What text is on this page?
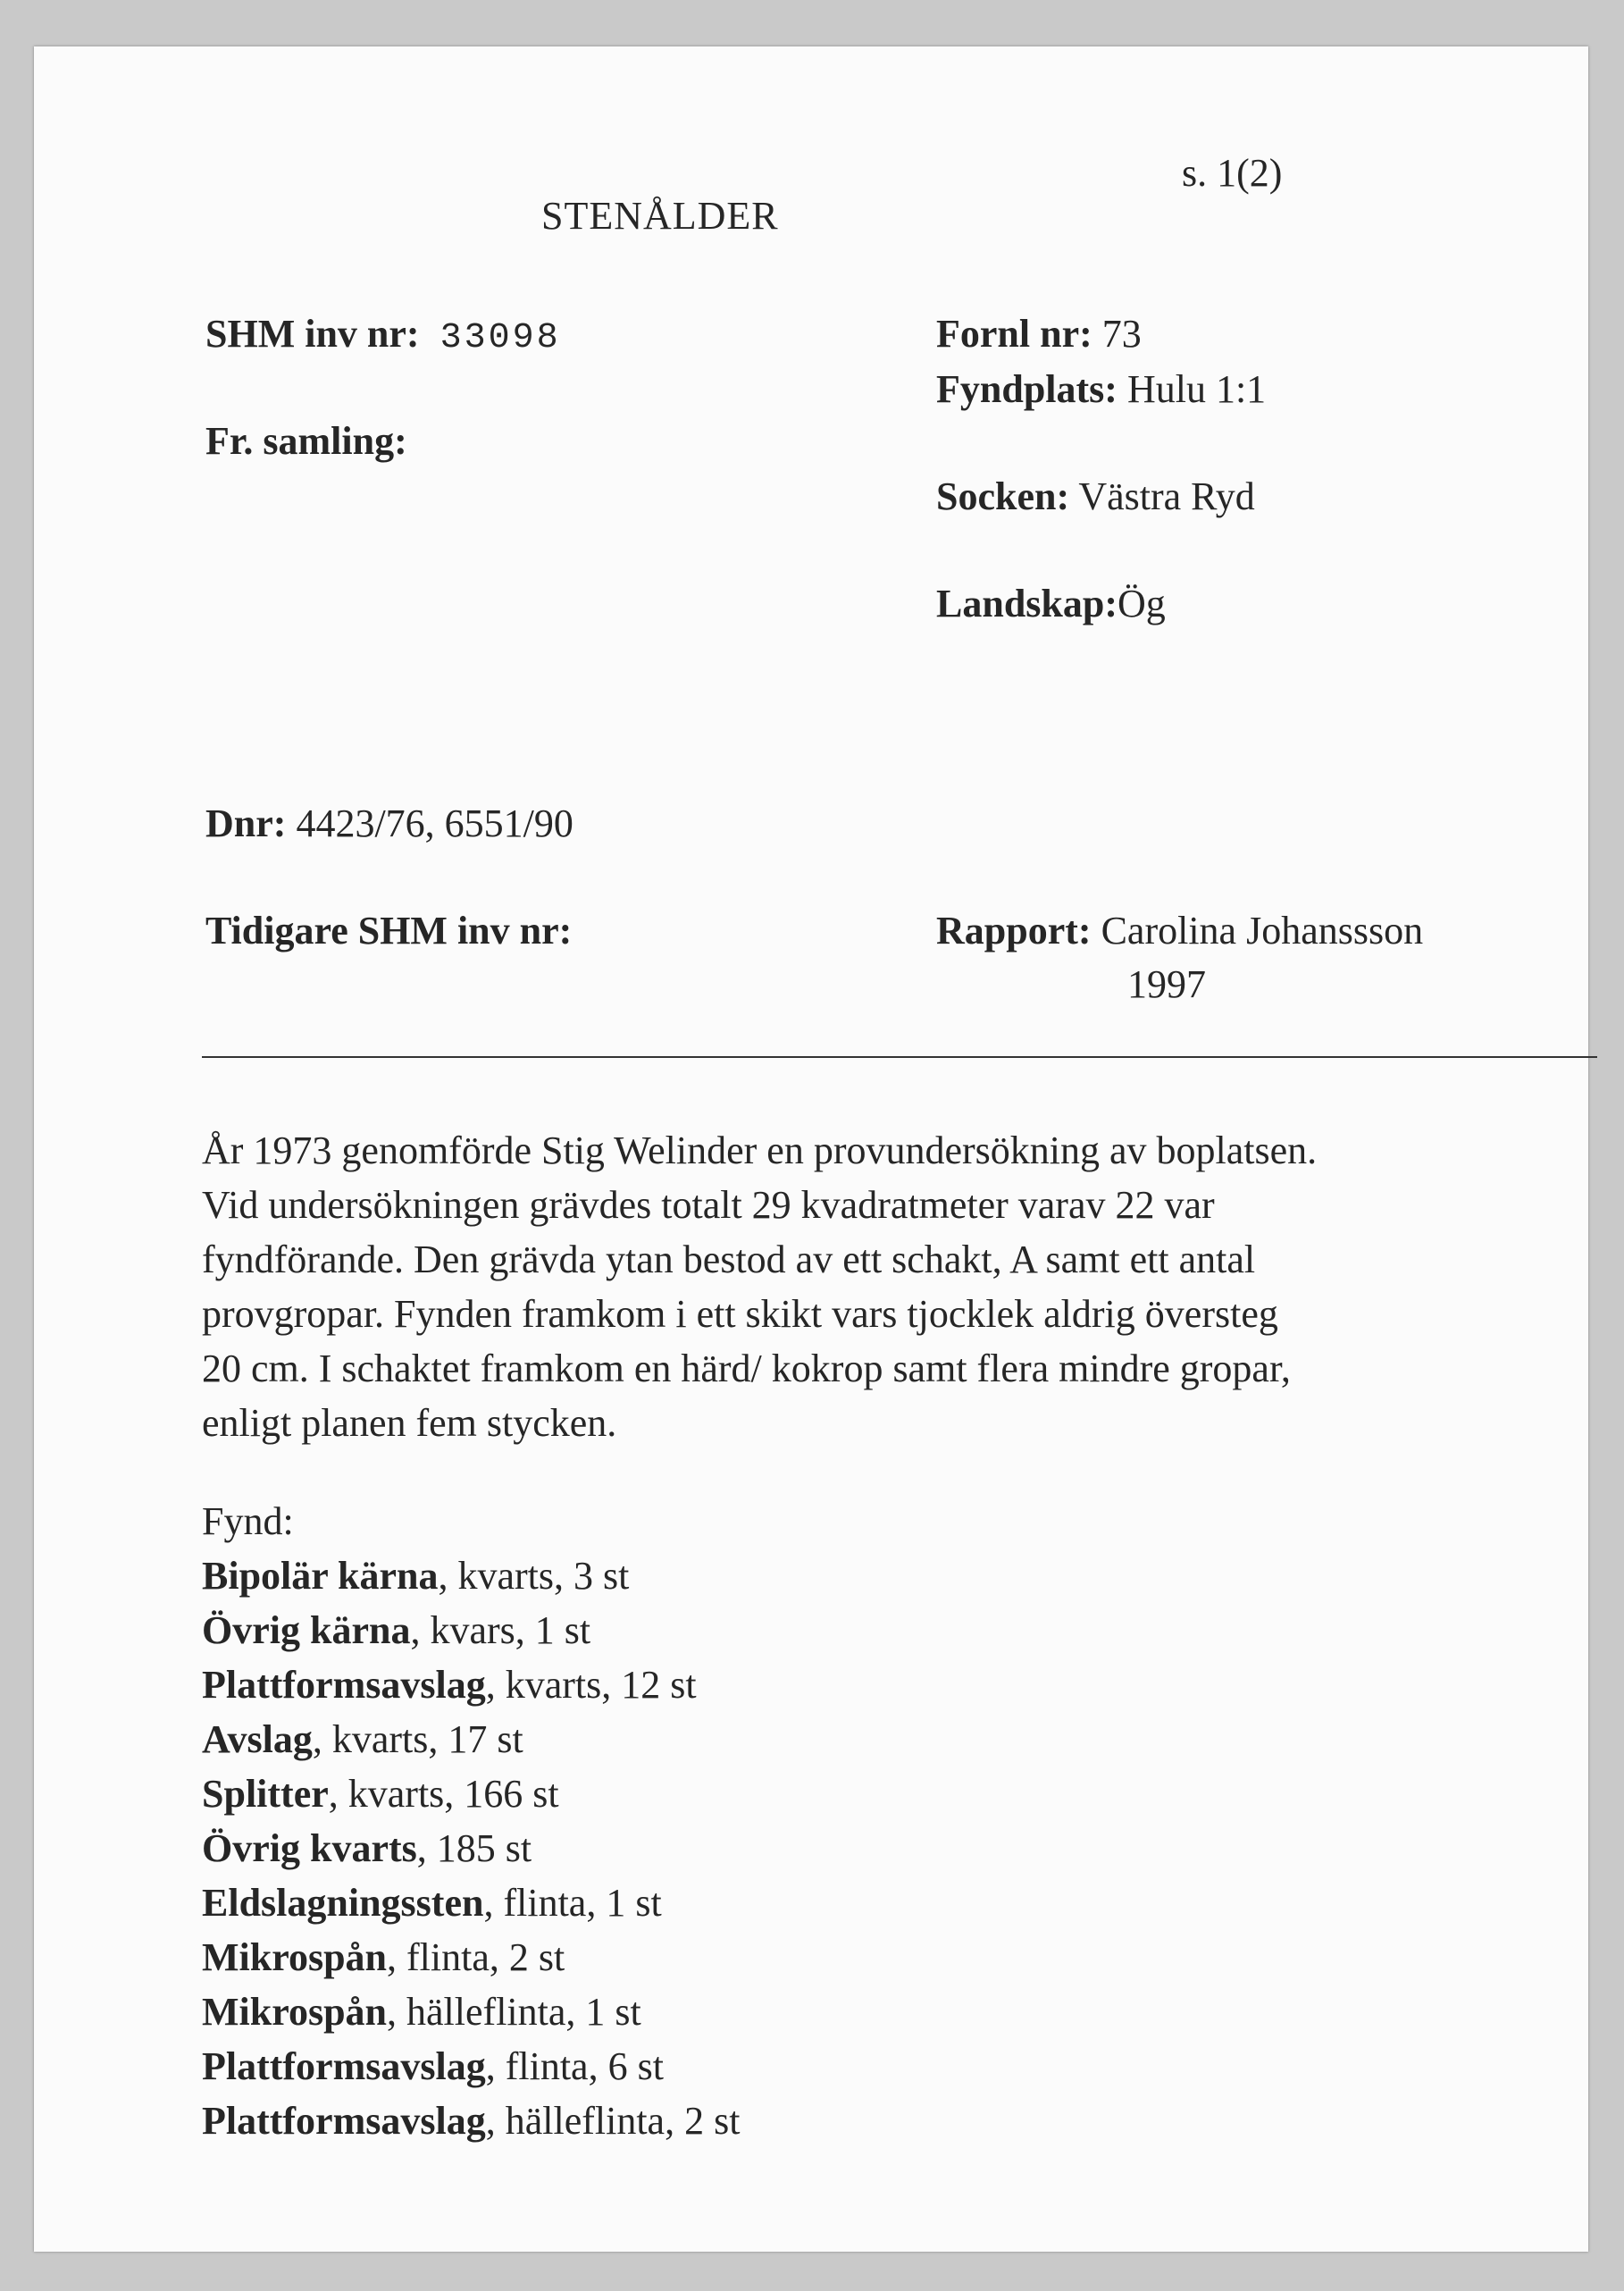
s. 1(2)
STENÅLDER
SHM inv nr: 33098
Fr. samling:
Dnr: 4423/76, 6551/90
Tidigare SHM inv nr:
Fornl nr: 73
Fyndplats: Hulu 1:1
Socken: Västra Ryd
Landskap:Ög
Rapport: Carolina Johanssson
1997
År 1973 genomförde Stig Welinder en provundersökning av boplatsen.
Vid undersökningen grävdes totalt 29 kvadratmeter varav 22 var
fyndförande. Den grävda ytan bestod av ett schakt, A samt ett antal
provgropar. Fynden framkom i ett skikt vars tjocklek aldrig översteg
20 cm. I schaktet framkom en härd/ kokrop samt flera mindre gropar,
enligt planen fem stycken.
Fynd:
Bipolär kärna, kvarts, 3 st
Övrig kärna, kvars, 1 st
Plattformsavslag, kvarts, 12 st
Avslag, kvarts, 17 st
Splitter, kvarts, 166 st
Övrig kvarts, 185 st
Eldslagningssten, flinta, 1 st
Mikrospån, flinta, 2 st
Mikrospån, hälleflinta, 1 st
Plattformsavslag, flinta, 6 st
Plattformsavslag, hälleflinta, 2 st
